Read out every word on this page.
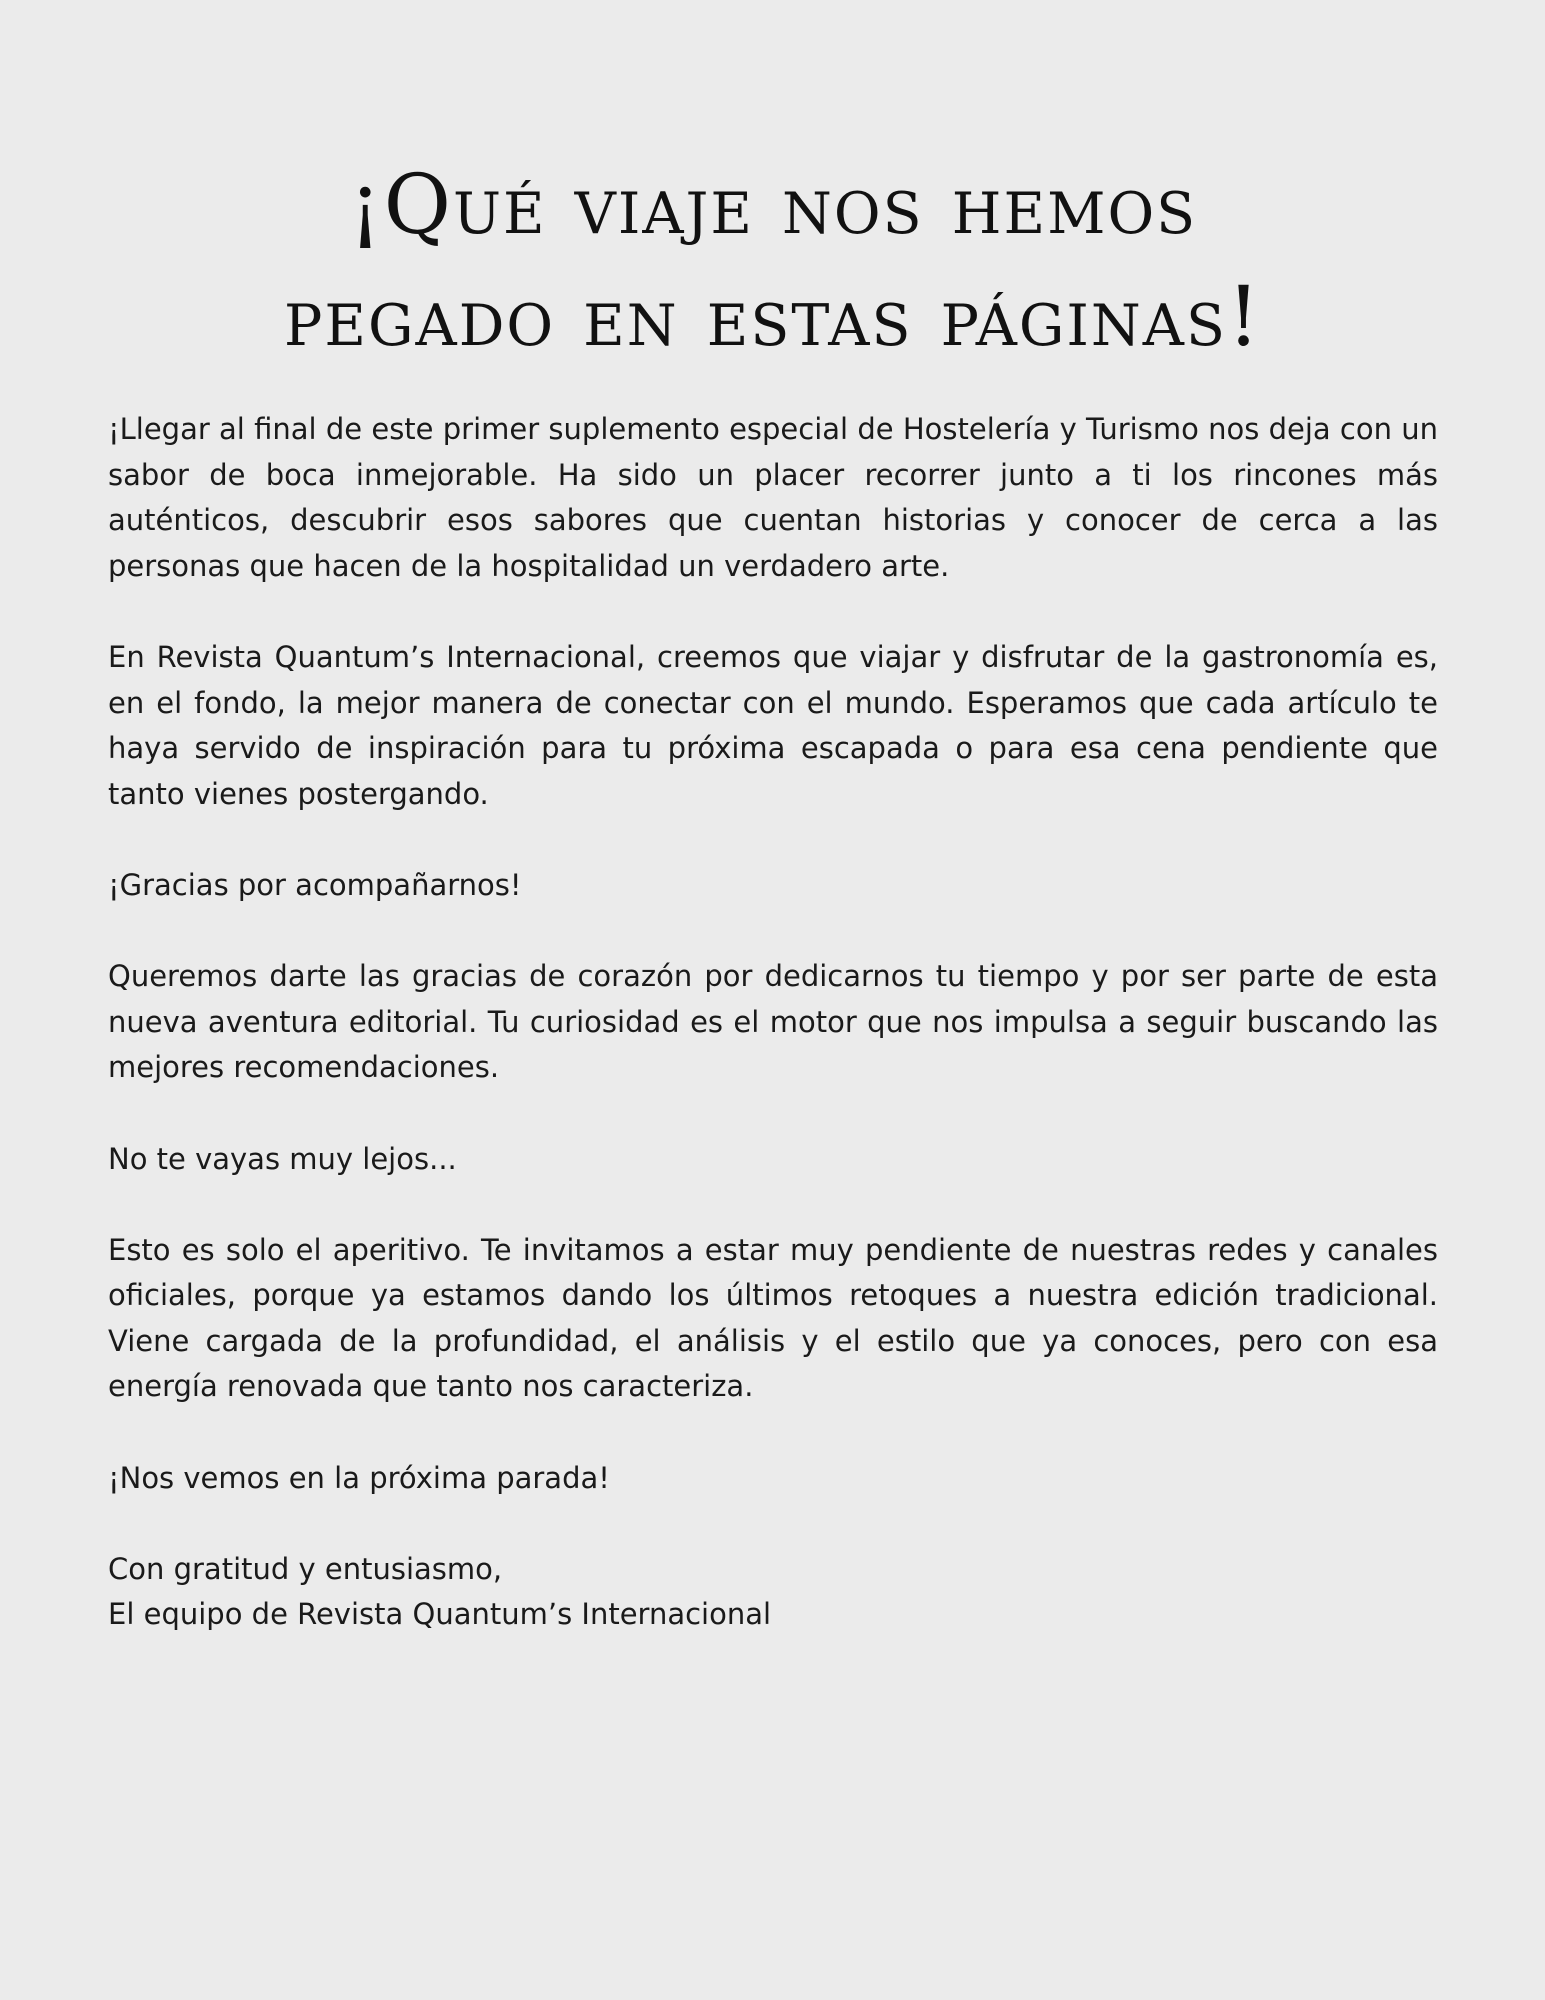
¡Qué viaje nos hemos
pegado en estas páginas!

¡Llegar al final de este primer suplemento especial de Hostelería y Turismo nos deja con un sabor de boca inmejorable. Ha sido un placer recorrer junto a ti los rincones más auténticos, descubrir esos sabores que cuentan historias y conocer de cerca a las personas que hacen de la hospitalidad un verdadero arte.

En Revista Quantum’s Internacional, creemos que viajar y disfrutar de la gastronomía es, en el fondo, la mejor manera de conectar con el mundo. Esperamos que cada artículo te haya servido de inspiración para tu próxima escapada o para esa cena pendiente que tanto vienes postergando.

¡Gracias por acompañarnos!

Queremos darte las gracias de corazón por dedicarnos tu tiempo y por ser parte de esta nueva aventura editorial. Tu curiosidad es el motor que nos impulsa a seguir buscando las mejores recomendaciones.

No te vayas muy lejos...

Esto es solo el aperitivo. Te invitamos a estar muy pendiente de nuestras redes y canales oficiales, porque ya estamos dando los últimos retoques a nuestra edición tradicional. Viene cargada de la profundidad, el análisis y el estilo que ya conoces, pero con esa energía renovada que tanto nos caracteriza.

¡Nos vemos en la próxima parada!

Con gratitud y entusiasmo,
El equipo de Revista Quantum’s Internacional
